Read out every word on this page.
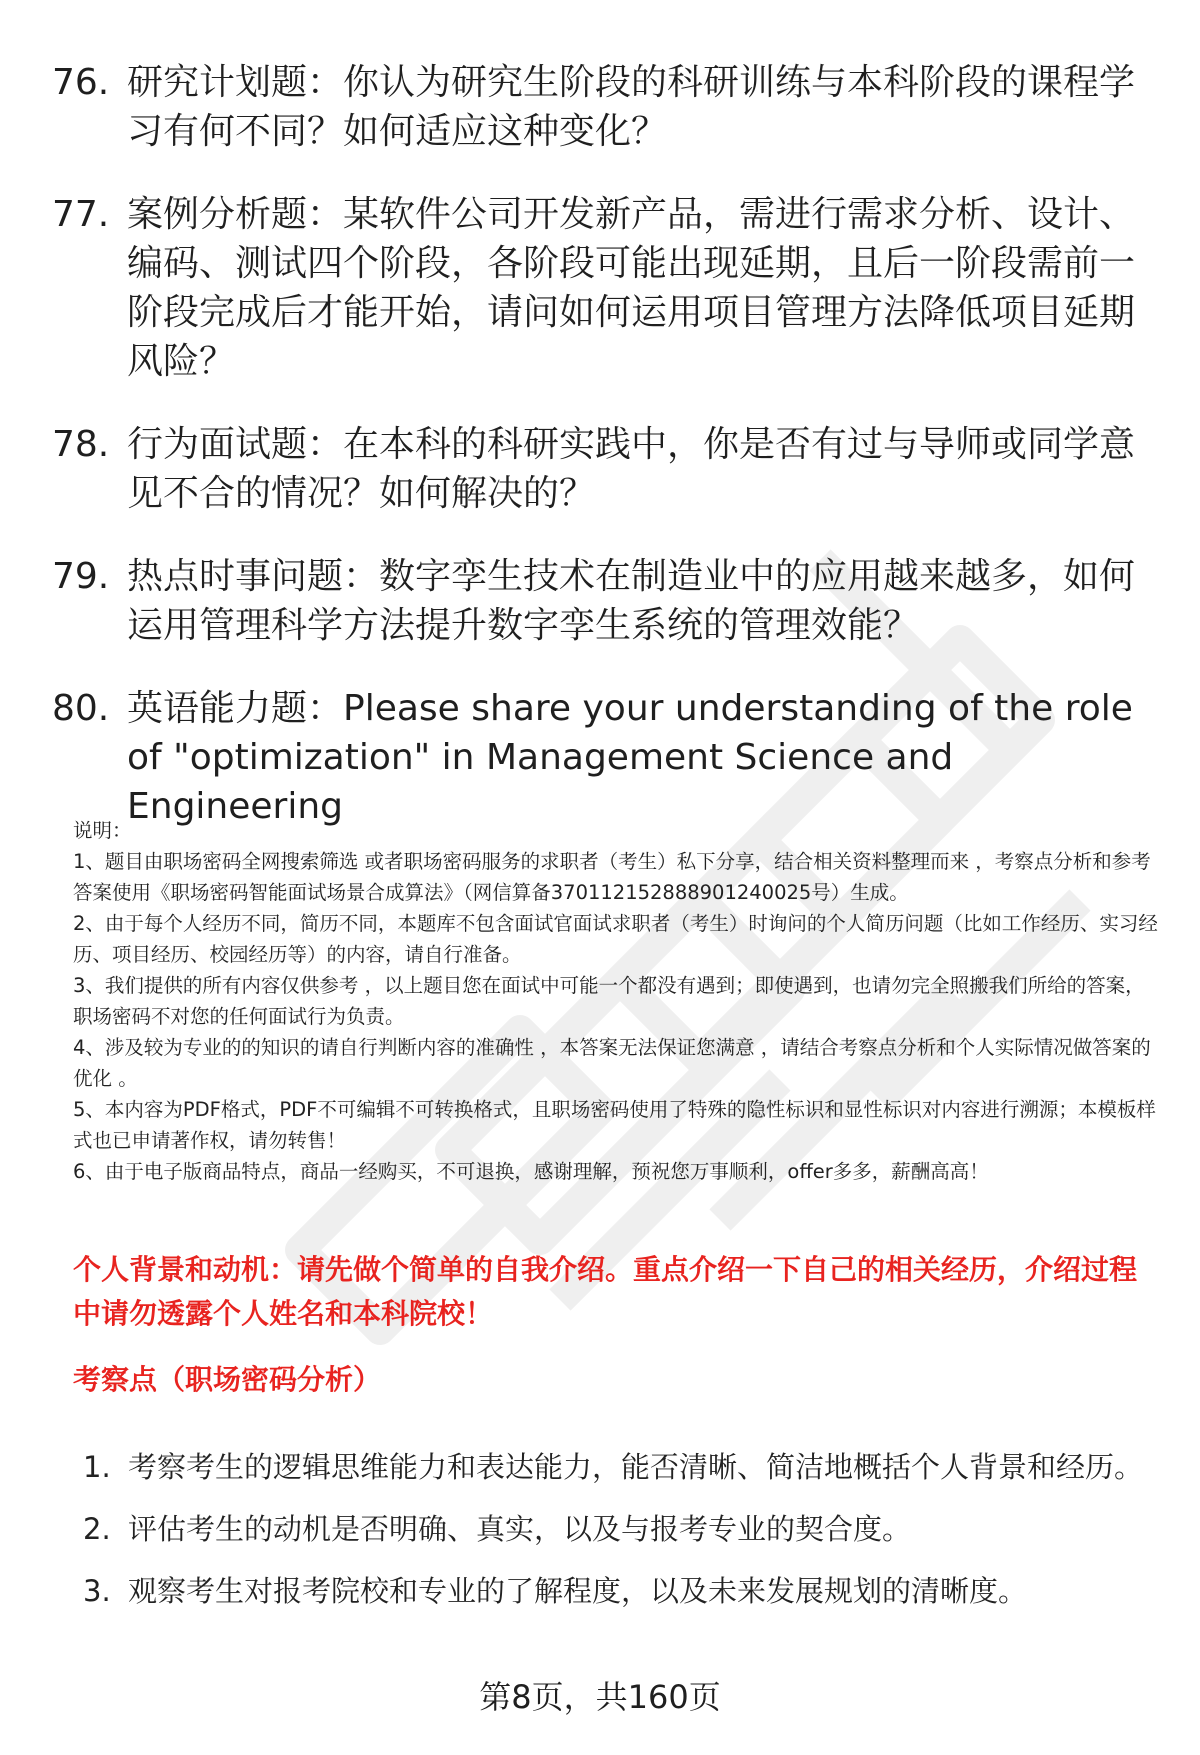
76. 研究计划题：你认为研究生阶段的科研训练与本科阶段的课程学习有何不同？如何适应这种变化？
77. 案例分析题：某软件公司开发新产品，需进行需求分析、设计、编码、测试四个阶段，各阶段可能出现延期，且后一阶段需前一阶段完成后才能开始，请问如何运用项目管理方法降低项目延期风险？
78. 行为面试题：在本科的科研实践中，你是否有过与导师或同学意见不合的情况？如何解决的？
79. 热点时事问题：数字孪生技术在制造业中的应用越来越多，如何运用管理科学方法提升数字孪生系统的管理效能？
80. 英语能力题：Please share your understanding of the role of "optimization" in Management Science and Engineering

说明：

1、题目由职场密码全网搜索筛选 或者职场密码服务的求职者（考生）私下分享，结合相关资料整理而来 ，考察点分析和参考答案使用《职场密码智能面试场景合成算法》（网信算备370112152888901240025号）生成。

2、由于每个人经历不同，简历不同，本题库不包含面试官面试求职者（考生）时询问的个人简历问题（比如工作经历、实习经历、项目经历、校园经历等）的内容，请自行准备。

3、我们提供的所有内容仅供参考 ，以上题目您在面试中可能一个都没有遇到；即使遇到，也请勿完全照搬我们所给的答案，职场密码不对您的任何面试行为负责。

4、涉及较为专业的的知识的请自行判断内容的准确性 ，本答案无法保证您满意 ，请结合考察点分析和个人实际情况做答案的优化 。

5、本内容为PDF格式，PDF不可编辑不可转换格式，且职场密码使用了特殊的隐性标识和显性标识对内容进行溯源；本模板样式也已申请著作权，请勿转售！

6、由于电子版商品特点，商品一经购买，不可退换，感谢理解，预祝您万事顺利，offer多多，薪酬高高！

个人背景和动机：请先做个简单的自我介绍。重点介绍一下自己的相关经历，介绍过程中请勿透露个人姓名和本科院校！
考察点（职场密码分析）
1. 考察考生的逻辑思维能力和表达能力，能否清晰、简洁地概括个人背景和经历。
2. 评估考生的动机是否明确、真实，以及与报考专业的契合度。
3. 观察考生对报考院校和专业的了解程度，以及未来发展规划的清晰度。
第8页，共160页
